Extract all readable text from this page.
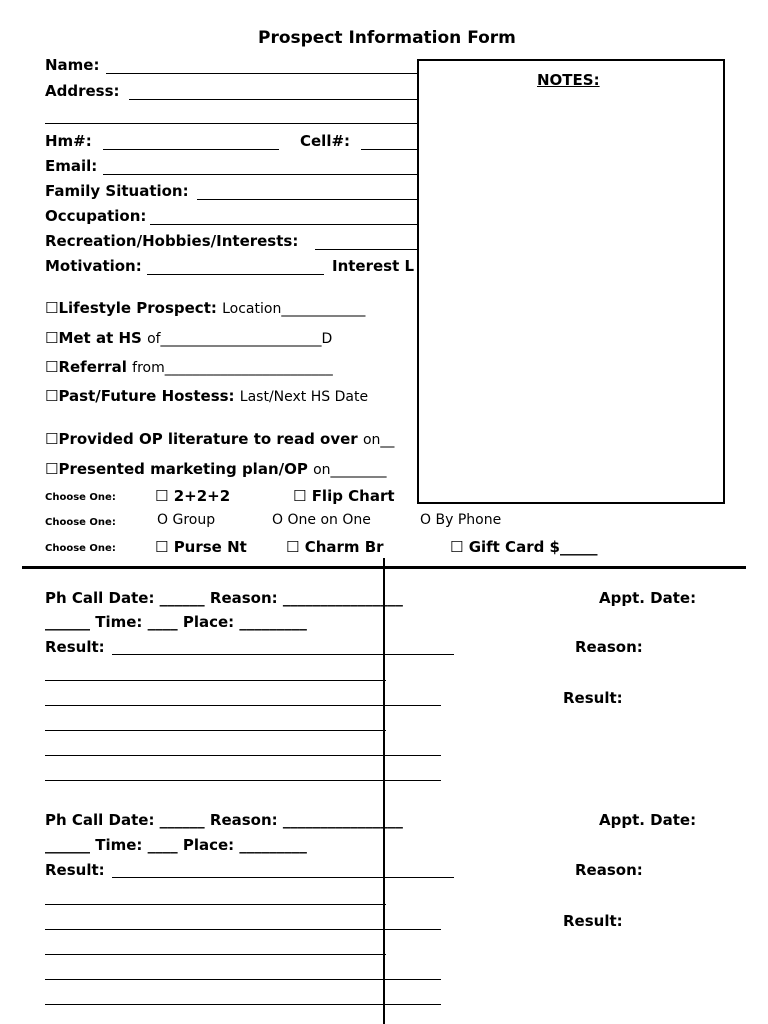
Prospect Information Form
Name:
Address:
Hm#:	Cell#:
Email:
Family Situation:
Occupation:
Recreation/Hobbies/Interests:
Motivation:	Interest L
☐Lifestyle Prospect: Location____________
☐Met at HS of_______________________D
☐Referral from________________________
☐Past/Future Hostess: Last/Next HS Date
☐Provided OP literature to read over on__
☐Presented marketing plan/OP on________
Choose One:	☐ 2+2+2	☐ Flip Chart
Choose One:	O Group	O One on One	O By Phone
Choose One:	☐ Purse Nt	☐ Charm Br	☐ Gift Card $_____
NOTES:
Ph Call Date: ______ Reason: ________________
______ Time: ____ Place: _________
Result:
Appt. Date:
Reason:
Result:
Ph Call Date: ______ Reason: ________________
______ Time: ____ Place: _________
Result:
Appt. Date:
Reason:
Result:
